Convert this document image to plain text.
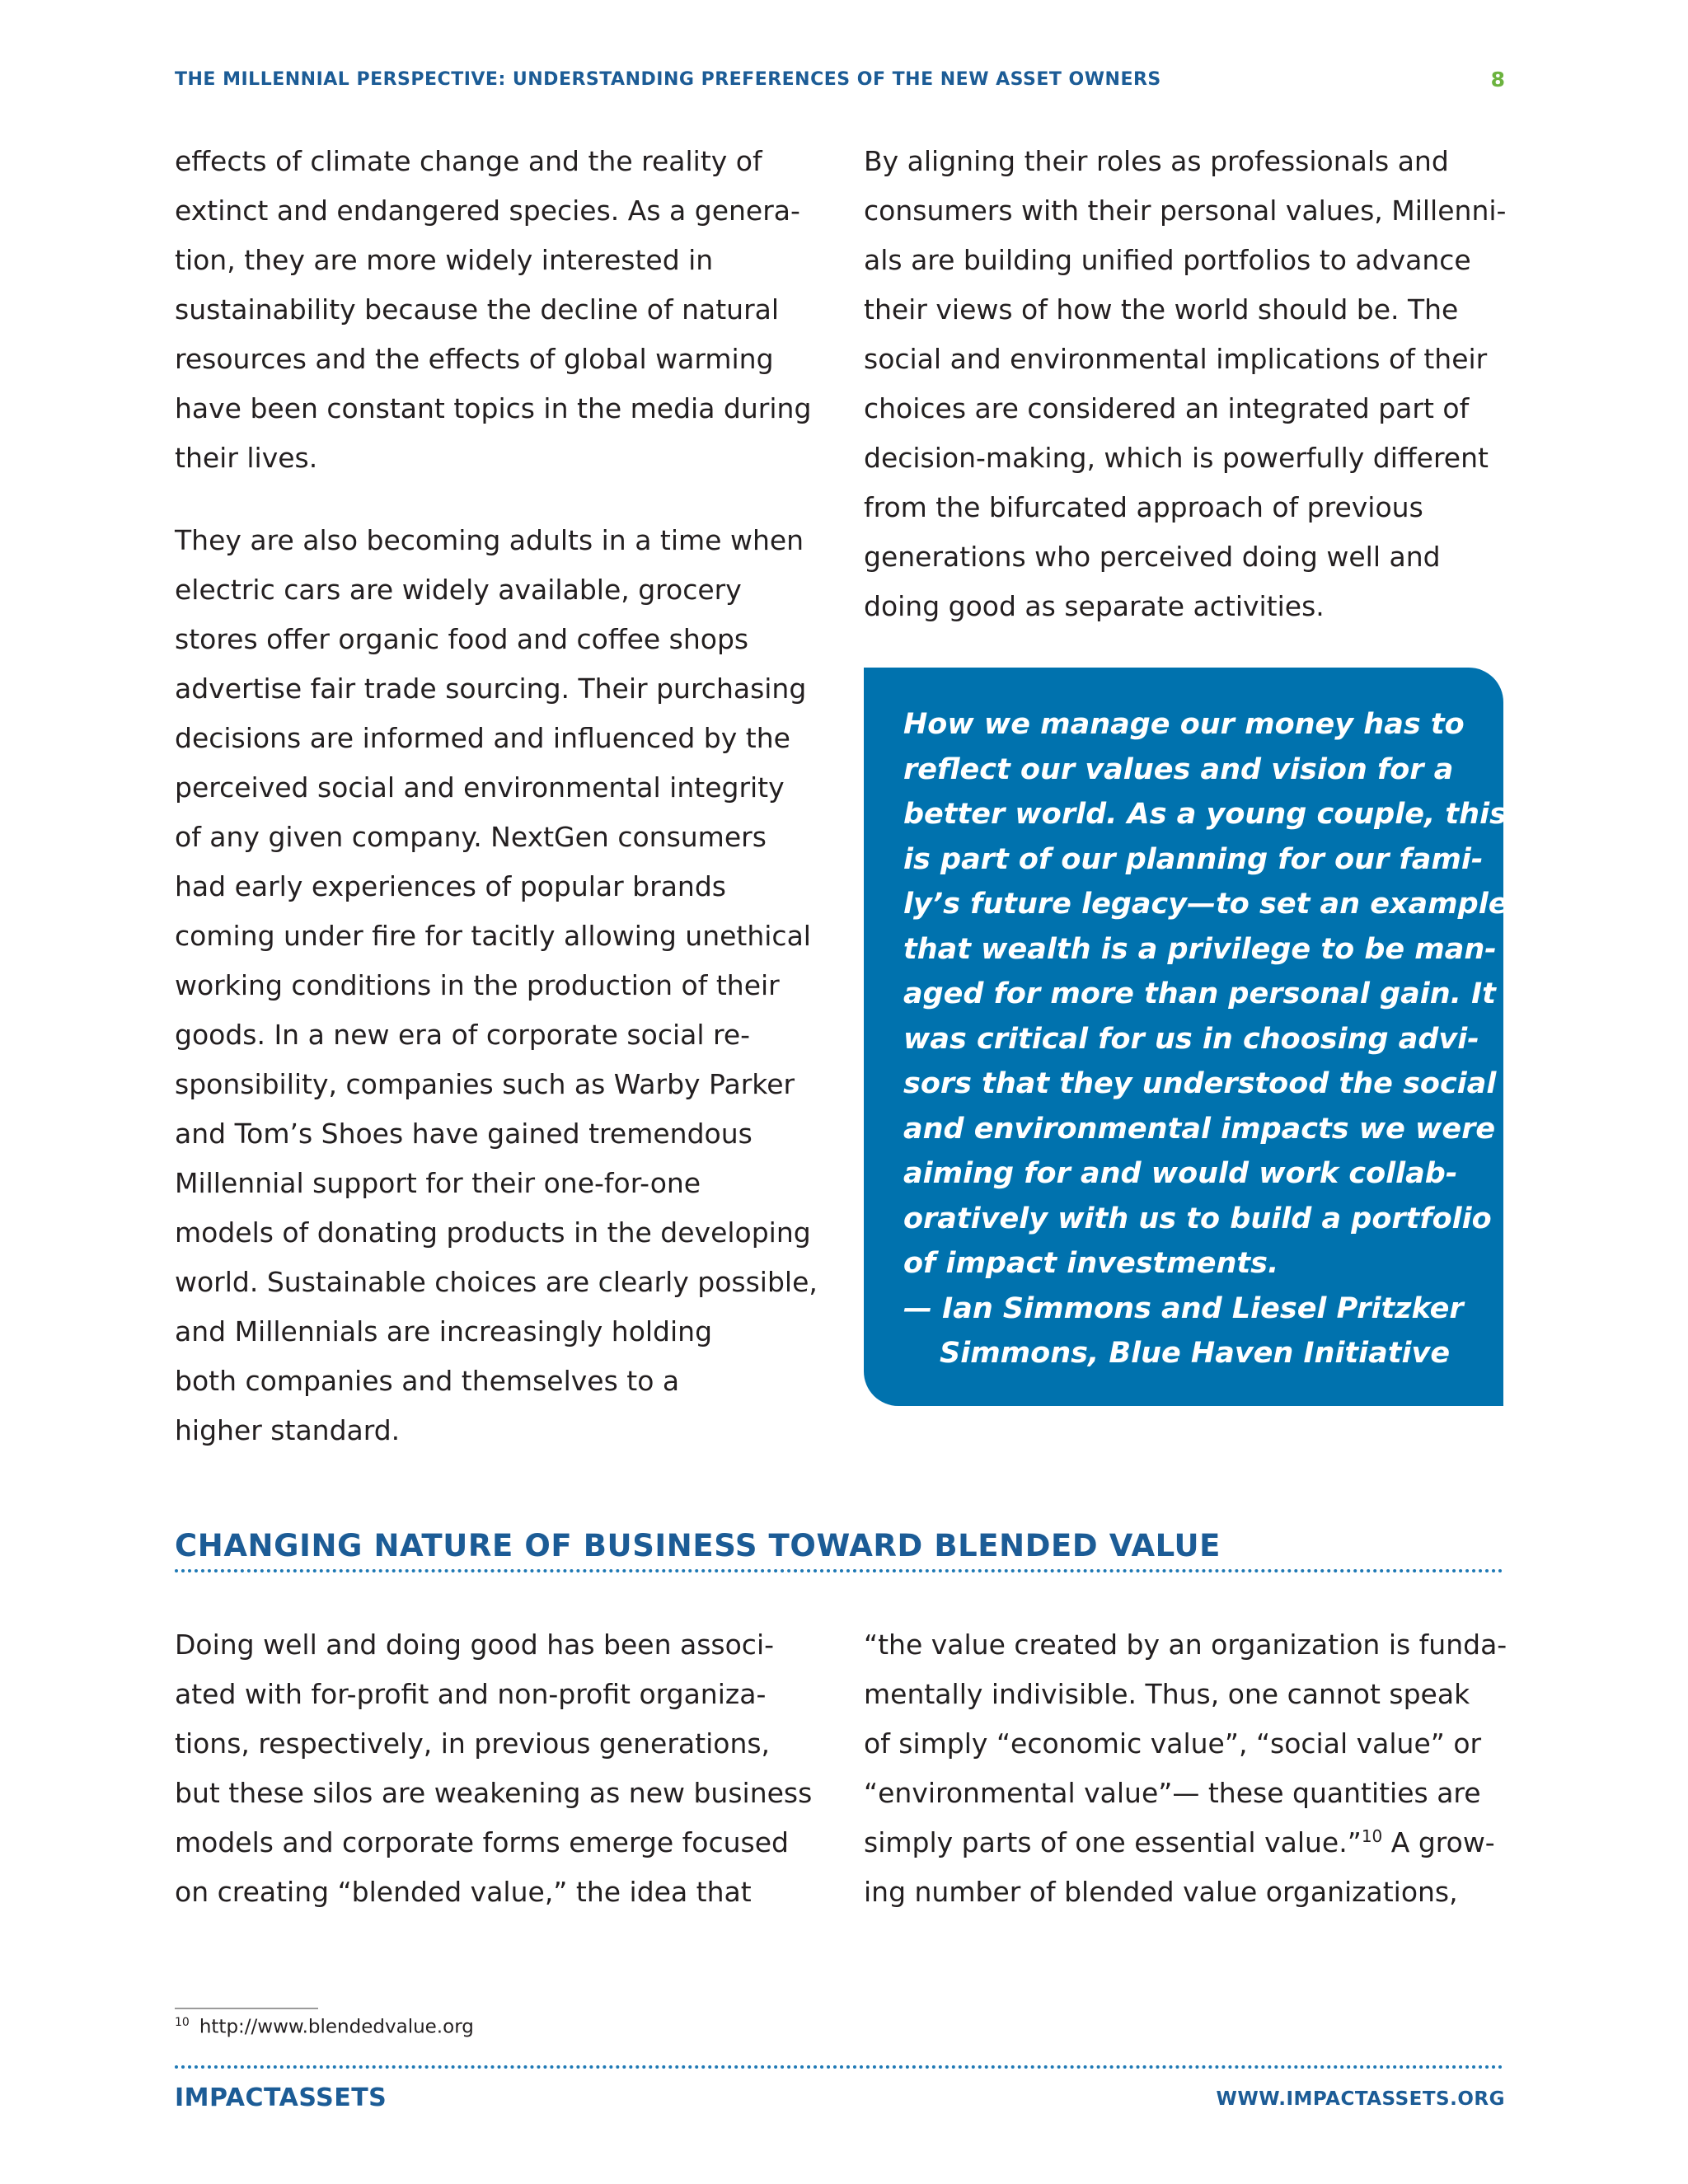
THE MILLENNIAL PERSPECTIVE: UNDERSTANDING PREFERENCES OF THE NEW ASSET OWNERS	8

effects of climate change and the reality of
extinct and endangered species. As a genera-
tion, they are more widely interested in
sustainability because the decline of natural
resources and the effects of global warming
have been constant topics in the media during
their lives.

They are also becoming adults in a time when
electric cars are widely available, grocery
stores offer organic food and coffee shops
advertise fair trade sourcing. Their purchasing
decisions are informed and influenced by the
perceived social and environmental integrity
of any given company. NextGen consumers
had early experiences of popular brands
coming under fire for tacitly allowing unethical
working conditions in the production of their
goods. In a new era of corporate social re-
sponsibility, companies such as Warby Parker
and Tom’s Shoes have gained tremendous
Millennial support for their one-for-one
models of donating products in the developing
world. Sustainable choices are clearly possible,
and Millennials are increasingly holding
both companies and themselves to a
higher standard.

By aligning their roles as professionals and
consumers with their personal values, Millenni-
als are building unified portfolios to advance
their views of how the world should be. The
social and environmental implications of their
choices are considered an integrated part of
decision-making, which is powerfully different
from the bifurcated approach of previous
generations who perceived doing well and
doing good as separate activities.

How we manage our money has to
reflect our values and vision for a
better world. As a young couple, this
is part of our planning for our fami-
ly’s future legacy—to set an example
that wealth is a privilege to be man-
aged for more than personal gain. It
was critical for us in choosing advi-
sors that they understood the social
and environmental impacts we were
aiming for and would work collab-
oratively with us to build a portfolio
of impact investments.
— Ian Simmons and Liesel Pritzker
Simmons, Blue Haven Initiative
CHANGING NATURE OF BUSINESS TOWARD BLENDED VALUE

Doing well and doing good has been associ-
ated with for-profit and non-profit organiza-
tions, respectively, in previous generations,
but these silos are weakening as new business
models and corporate forms emerge focused
on creating “blended value,” the idea that

“the value created by an organization is funda-
mentally indivisible. Thus, one cannot speak
of simply “economic value”, “social value” or
“environmental value”— these quantities are
simply parts of one essential value.”$^{10}$ A grow-
ing number of blended value organizations,

$^{10}$ http://www.blendedvalue.org
IMPACTASSETS	WWW.IMPACTASSETS.ORG
